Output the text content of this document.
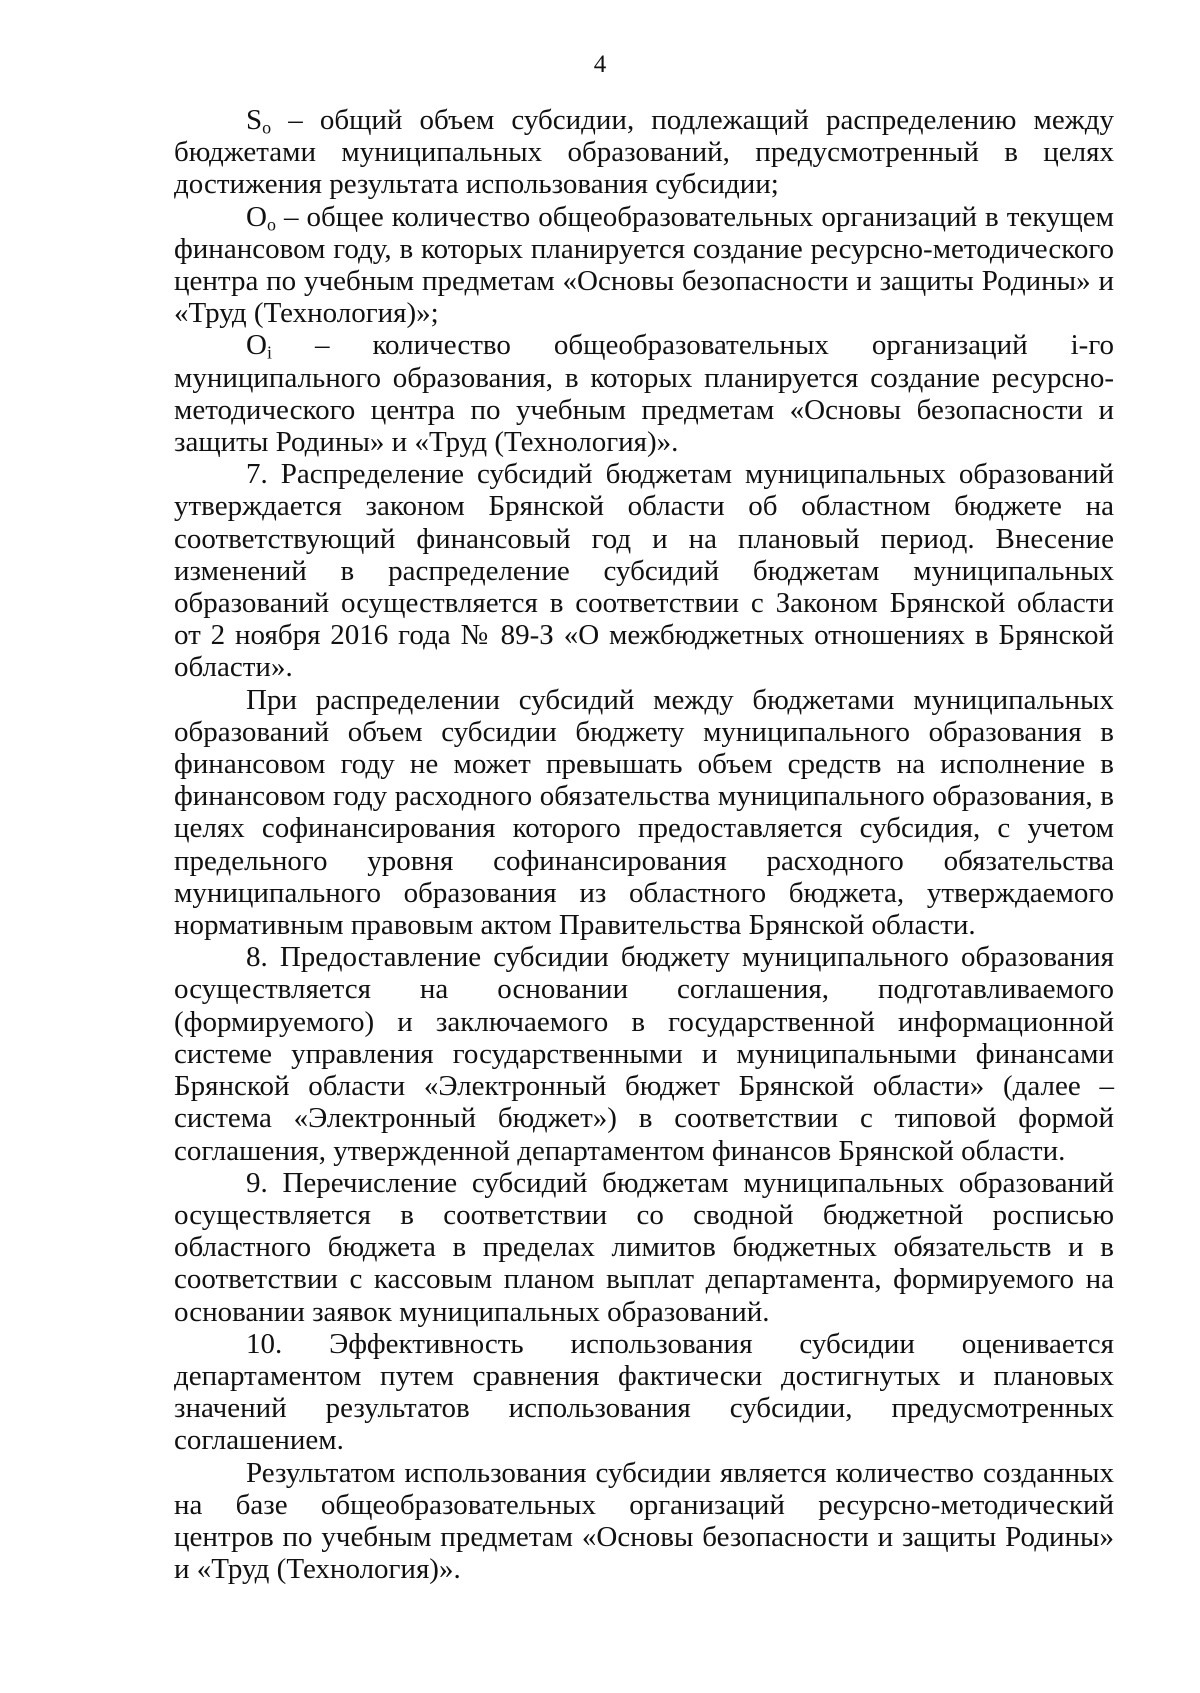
4

$S_о$ – общий объем субсидии, подлежащий распределению между бюджетами муниципальных образований, предусмотренный в целях достижения результата использования субсидии;

$О_о$ – общее количество общеобразовательных организаций в текущем финансовом году, в которых планируется создание ресурсно-методического центра по учебным предметам «Основы безопасности и защиты Родины» и «Труд (Технология)»;

$О_i$ – количество общеобразовательных организаций i-го муниципального образования, в которых планируется создание ресурсно-методического центра по учебным предметам «Основы безопасности и защиты Родины» и «Труд (Технология)».

7. Распределение субсидий бюджетам муниципальных образований утверждается законом Брянской области об областном бюджете на соответствующий финансовый год и на плановый период. Внесение изменений в распределение субсидий бюджетам муниципальных образований осуществляется в соответствии с Законом Брянской области от 2 ноября 2016 года № 89-З «О межбюджетных отношениях в Брянской области».

При распределении субсидий между бюджетами муниципальных образований объем субсидии бюджету муниципального образования в финансовом году не может превышать объем средств на исполнение в финансовом году расходного обязательства муниципального образования, в целях софинансирования которого предоставляется субсидия, с учетом предельного уровня софинансирования расходного обязательства муниципального образования из областного бюджета, утверждаемого нормативным правовым актом Правительства Брянской области.

8. Предоставление субсидии бюджету муниципального образования осуществляется на основании соглашения, подготавливаемого (формируемого) и заключаемого в государственной информационной системе управления государственными и муниципальными финансами Брянской области «Электронный бюджет Брянской области» (далее – система «Электронный бюджет») в соответствии с типовой формой соглашения, утвержденной департаментом финансов Брянской области.

9. Перечисление субсидий бюджетам муниципальных образований осуществляется в соответствии со сводной бюджетной росписью областного бюджета в пределах лимитов бюджетных обязательств и в соответствии с кассовым планом выплат департамента, формируемого на основании заявок муниципальных образований.

10. Эффективность использования субсидии оценивается департаментом путем сравнения фактически достигнутых и плановых значений результатов использования субсидии, предусмотренных соглашением.

Результатом использования субсидии является количество созданных на базе общеобразовательных организаций ресурсно-методический центров по учебным предметам «Основы безопасности и защиты Родины» и «Труд (Технология)».
